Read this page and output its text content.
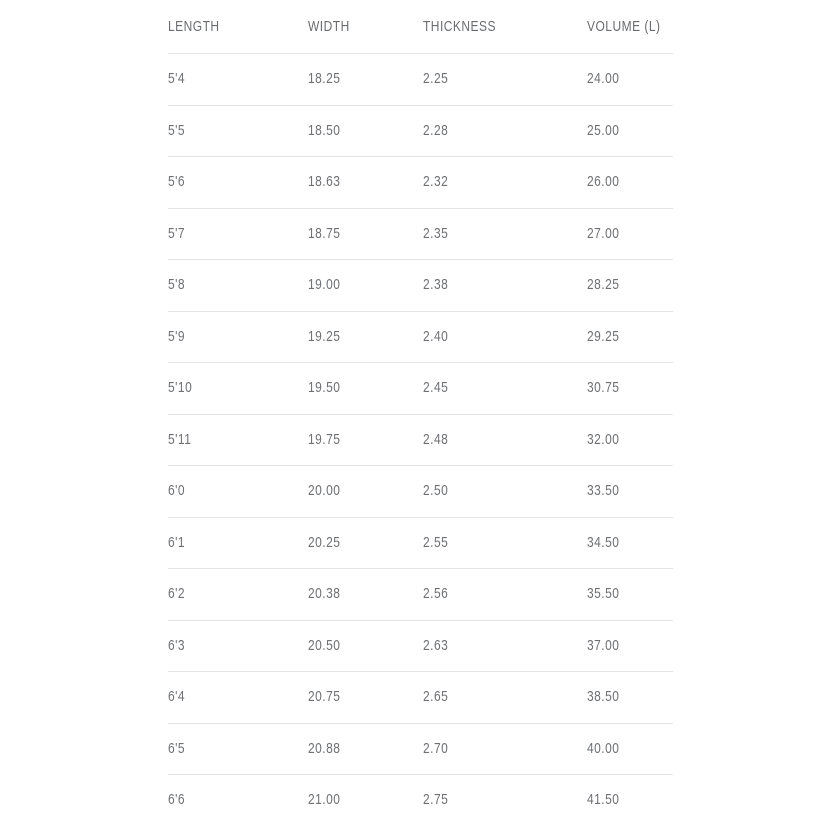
LENGTH	WIDTH	THICKNESS	VOLUME (L)
5'4	18.25	2.25	24.00
5'5	18.50	2.28	25.00
5'6	18.63	2.32	26.00
5'7	18.75	2.35	27.00
5'8	19.00	2.38	28.25
5'9	19.25	2.40	29.25
5'10	19.50	2.45	30.75
5'11	19.75	2.48	32.00
6'0	20.00	2.50	33.50
6'1	20.25	2.55	34.50
6'2	20.38	2.56	35.50
6'3	20.50	2.63	37.00
6'4	20.75	2.65	38.50
6'5	20.88	2.70	40.00
6'6	21.00	2.75	41.50
